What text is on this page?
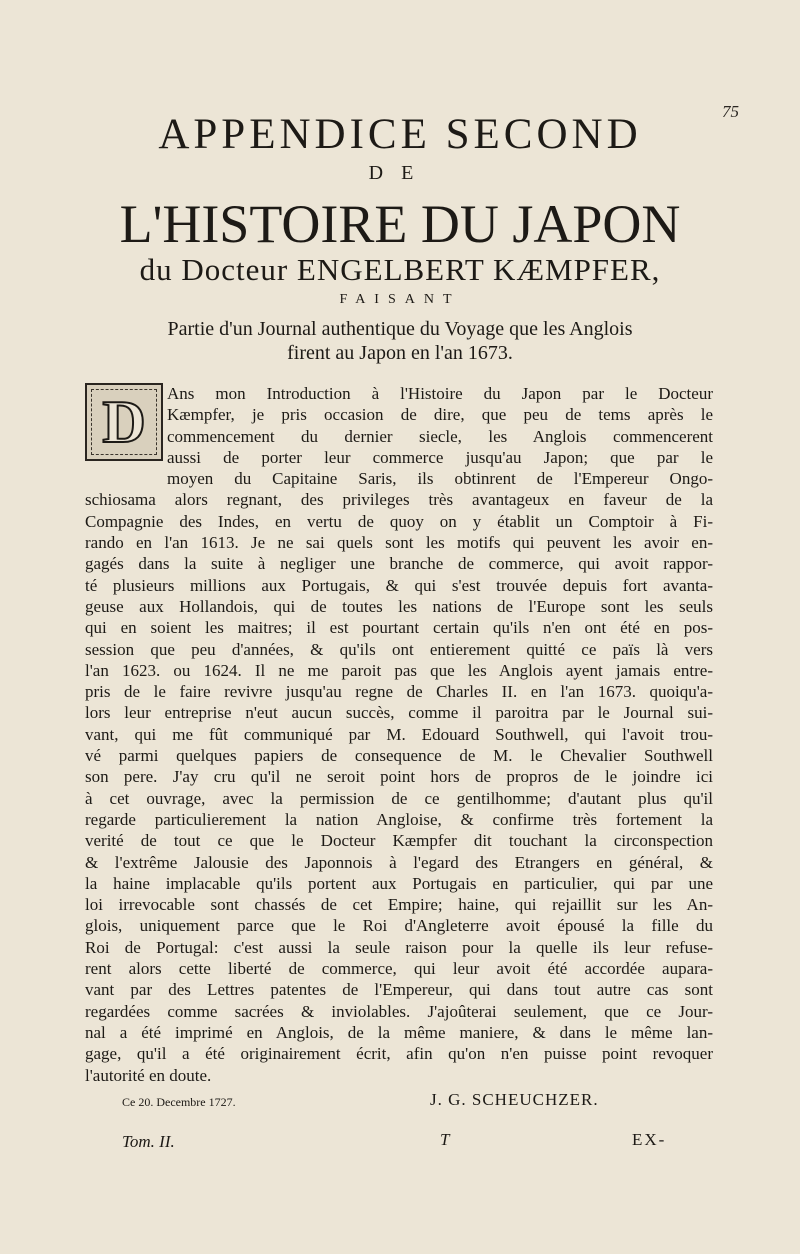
75
APPENDICE SECOND
DE
L'HISTOIRE DU JAPON
du Docteur ENGELBERT KÆMPFER,
FAISANT
Partie d'un Journal authentique du Voyage que les Anglois
firent au Japon en l'an 1673.
Ans mon Introduction à l'Histoire du Japon par le Docteur
Kæmpfer, je pris occasion de dire, que peu de tems après le
commencement du dernier siecle, les Anglois commencerent
aussi de porter leur commerce jusqu'au Japon; que par le
moyen du Capitaine Saris, ils obtinrent de l'Empereur Ongo-
schiosama alors regnant, des privileges très avantageux en faveur de la
Compagnie des Indes, en vertu de quoy on y établit un Comptoir à Fi-
rando en l'an 1613. Je ne sai quels sont les motifs qui peuvent les avoir en-
gagés dans la suite à negliger une branche de commerce, qui avoit rappor-
té plusieurs millions aux Portugais, & qui s'est trouvée depuis fort avanta-
geuse aux Hollandois, qui de toutes les nations de l'Europe sont les seuls
qui en soient les maitres; il est pourtant certain qu'ils n'en ont été en pos-
session que peu d'années, & qu'ils ont entierement quitté ce païs là vers
l'an 1623. ou 1624. Il ne me paroit pas que les Anglois ayent jamais entre-
pris de le faire revivre jusqu'au regne de Charles II. en l'an 1673. quoiqu'a-
lors leur entreprise n'eut aucun succès, comme il paroitra par le Journal sui-
vant, qui me fût communiqué par M. Edouard Southwell, qui l'avoit trou-
vé parmi quelques papiers de consequence de M. le Chevalier Southwell
son pere. J'ay cru qu'il ne seroit point hors de propros de le joindre ici
à cet ouvrage, avec la permission de ce gentilhomme; d'autant plus qu'il
regarde particulierement la nation Angloise, & confirme très fortement la
verité de tout ce que le Docteur Kæmpfer dit touchant la circonspection
& l'extrême Jalousie des Japonnois à l'egard des Etrangers en général, &
la haine implacable qu'ils portent aux Portugais en particulier, qui par une
loi irrevocable sont chassés de cet Empire; haine, qui rejaillit sur les An-
glois, uniquement parce que le Roi d'Angleterre avoit épousé la fille du
Roi de Portugal: c'est aussi la seule raison pour la quelle ils leur refuse-
rent alors cette liberté de commerce, qui leur avoit été accordée aupara-
vant par des Lettres patentes de l'Empereur, qui dans tout autre cas sont
regardées comme sacrées & inviolables. J'ajoûterai seulement, que ce Jour-
nal a été imprimé en Anglois, de la même maniere, & dans le même lan-
gage, qu'il a été originairement écrit, afin qu'on n'en puisse point revoquer
l'autorité en doute.
D
Ce 20. Decembre 1727.	J. G. SCHEUCHZER.
Tom. II.	T	EX-
